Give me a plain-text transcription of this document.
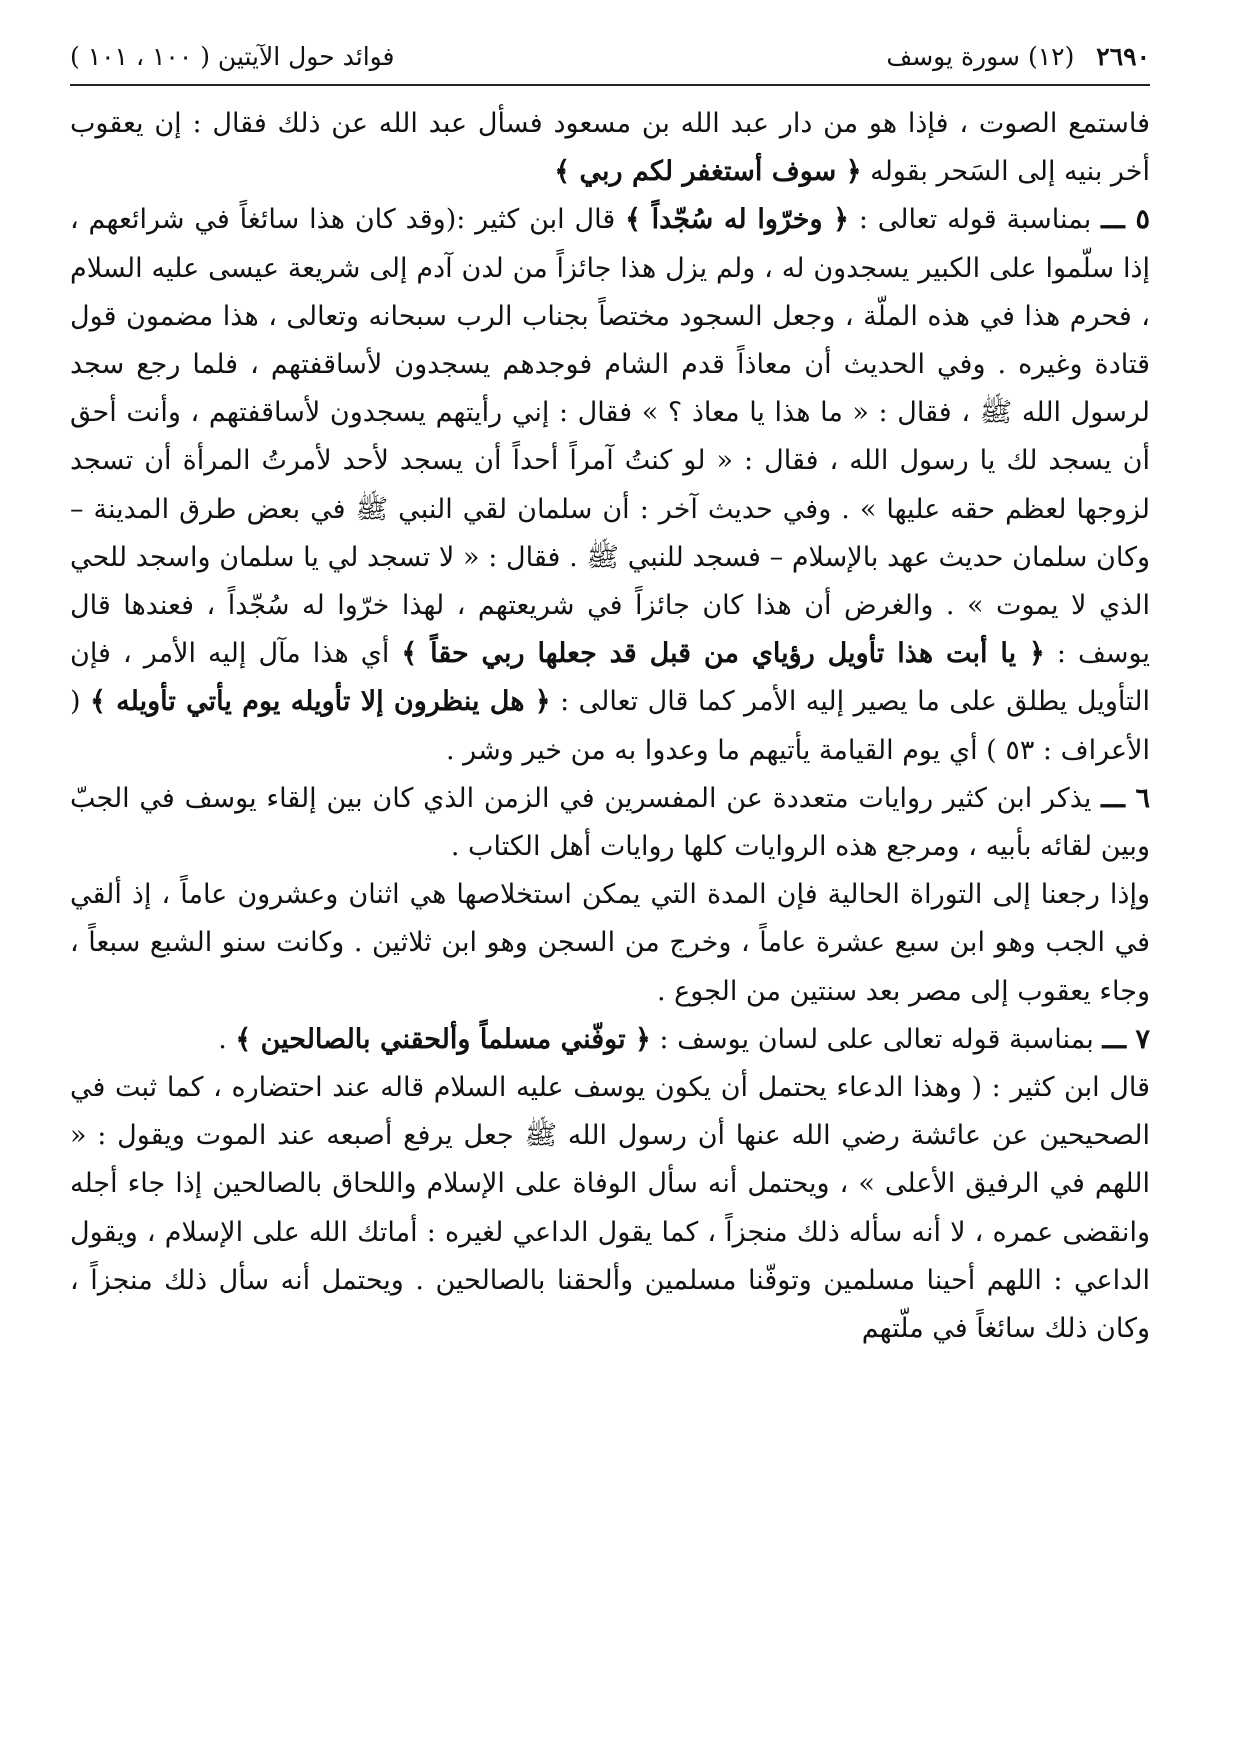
٢٦٩٠ (١٢) سورة يوسف
فوائد حول الآيتين ( ١٠٠ ، ١٠١ )

فاستمع الصوت ، فإذا هو من دار عبد الله بن مسعود فسأل عبد الله عن ذلك فقال : إن يعقوب أخر بنيه إلى السَحر بقوله ﴿ سوف أستغفر لكم ربي ﴾

٥ ـــ بمناسبة قوله تعالى : ﴿ وخرّوا له سُجّداً ﴾ قال ابن كثير :(وقد كان هذا سائغاً في شرائعهم ، إذا سلّموا على الكبير يسجدون له ، ولم يزل هذا جائزاً من لدن آدم إلى شريعة عيسى عليه السلام ، فحرم هذا في هذه الملّة ، وجعل السجود مختصاً بجناب الرب سبحانه وتعالى ، هذا مضمون قول قتادة وغيره . وفي الحديث أن معاذاً قدم الشام فوجدهم يسجدون لأساقفتهم ، فلما رجع سجد لرسول الله ﷺ ، فقال : « ما هذا يا معاذ ؟ » فقال : إني رأيتهم يسجدون لأساقفتهم ، وأنت أحق أن يسجد لك يا رسول الله ، فقال : « لو كنتُ آمراً أحداً أن يسجد لأحد لأمرتُ المرأة أن تسجد لزوجها لعظم حقه عليها » . وفي حديث آخر : أن سلمان لقي النبي ﷺ في بعض طرق المدينة – وكان سلمان حديث عهد بالإسلام – فسجد للنبي ﷺ . فقال : « لا تسجد لي يا سلمان واسجد للحي الذي لا يموت » . والغرض أن هذا كان جائزاً في شريعتهم ، لهذا خرّوا له سُجّداً ، فعندها قال يوسف : ﴿ يا أبت هذا تأويل رؤياي من قبل قد جعلها ربي حقاً ﴾ أي هذا مآل إليه الأمر ، فإن التأويل يطلق على ما يصير إليه الأمر كما قال تعالى : ﴿ هل ينظرون إلا تأويله يوم يأتي تأويله ﴾ ( الأعراف : ٥٣ ) أي يوم القيامة يأتيهم ما وعدوا به من خير وشر .

٦ ـــ يذكر ابن كثير روايات متعددة عن المفسرين في الزمن الذي كان بين إلقاء يوسف في الجبّ وبين لقائه بأبيه ، ومرجع هذه الروايات كلها روايات أهل الكتاب .

وإذا رجعنا إلى التوراة الحالية فإن المدة التي يمكن استخلاصها هي اثنان وعشرون عاماً ، إذ ألقي في الجب وهو ابن سبع عشرة عاماً ، وخرج من السجن وهو ابن ثلاثين . وكانت سنو الشبع سبعاً ، وجاء يعقوب إلى مصر بعد سنتين من الجوع .

٧ ـــ بمناسبة قوله تعالى على لسان يوسف : ﴿ توفّني مسلماً وألحقني بالصالحين ﴾ .

قال ابن كثير : ( وهذا الدعاء يحتمل أن يكون يوسف عليه السلام قاله عند احتضاره ، كما ثبت في الصحيحين عن عائشة رضي الله عنها أن رسول الله ﷺ جعل يرفع أصبعه عند الموت ويقول : « اللهم في الرفيق الأعلى » ، ويحتمل أنه سأل الوفاة على الإسلام واللحاق بالصالحين إذا جاء أجله وانقضى عمره ، لا أنه سأله ذلك منجزاً ، كما يقول الداعي لغيره : أماتك الله على الإسلام ، ويقول الداعي : اللهم أحينا مسلمين وتوفّنا مسلمين وألحقنا بالصالحين . ويحتمل أنه سأل ذلك منجزاً ، وكان ذلك سائغاً في ملّتهم
